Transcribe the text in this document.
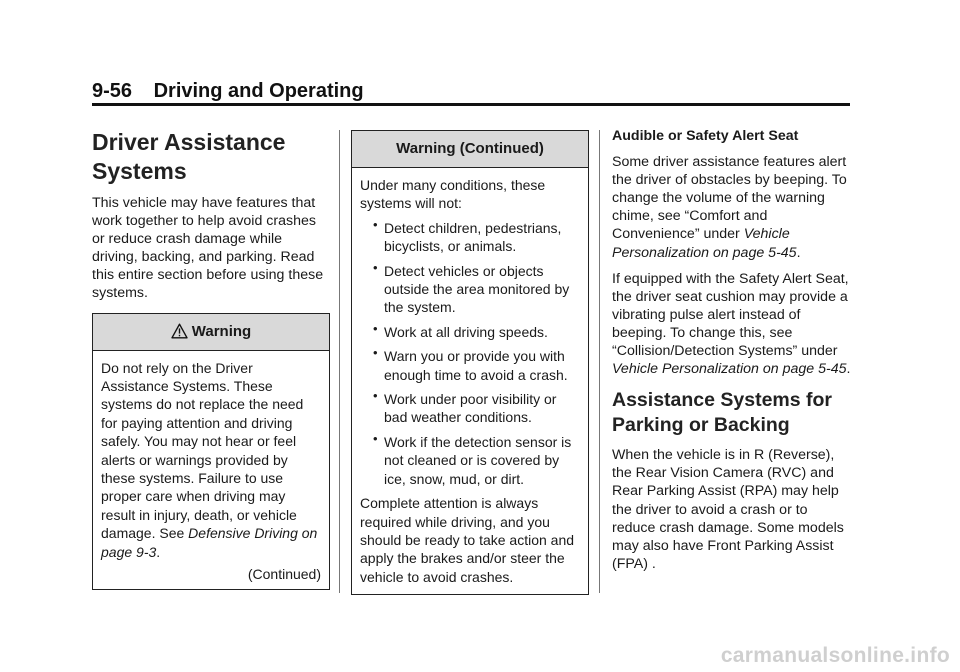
9-56 Driving and Operating
Driver Assistance
Systems

This vehicle may have features that work together to help avoid crashes or reduce crash damage while driving, backing, and parking. Read this entire section before using these systems.

Warning

Do not rely on the Driver Assistance Systems. These systems do not replace the need for paying attention and driving safely. You may not hear or feel alerts or warnings provided by these systems. Failure to use proper care when driving may result in injury, death, or vehicle damage. See Defensive Driving on page 9-3.

(Continued)
Warning (Continued)

Under many conditions, these systems will not:

• Detect children, pedestrians, bicyclists, or animals.
• Detect vehicles or objects outside the area monitored by the system.
• Work at all driving speeds.
• Warn you or provide you with enough time to avoid a crash.
• Work under poor visibility or bad weather conditions.
• Work if the detection sensor is not cleaned or is covered by ice, snow, mud, or dirt.

Complete attention is always required while driving, and you should be ready to take action and apply the brakes and/or steer the vehicle to avoid crashes.

Audible or Safety Alert Seat

Some driver assistance features alert the driver of obstacles by beeping. To change the volume of the warning chime, see “Comfort and Convenience” under Vehicle Personalization on page 5-45.

If equipped with the Safety Alert Seat, the driver seat cushion may provide a vibrating pulse alert instead of beeping. To change this, see “Collision/Detection Systems” under Vehicle Personalization on page 5-45.

Assistance Systems for
Parking or Backing

When the vehicle is in R (Reverse), the Rear Vision Camera (RVC) and Rear Parking Assist (RPA) may help the driver to avoid a crash or to reduce crash damage. Some models may also have Front Parking Assist (FPA) .

carmanualsonline.info
